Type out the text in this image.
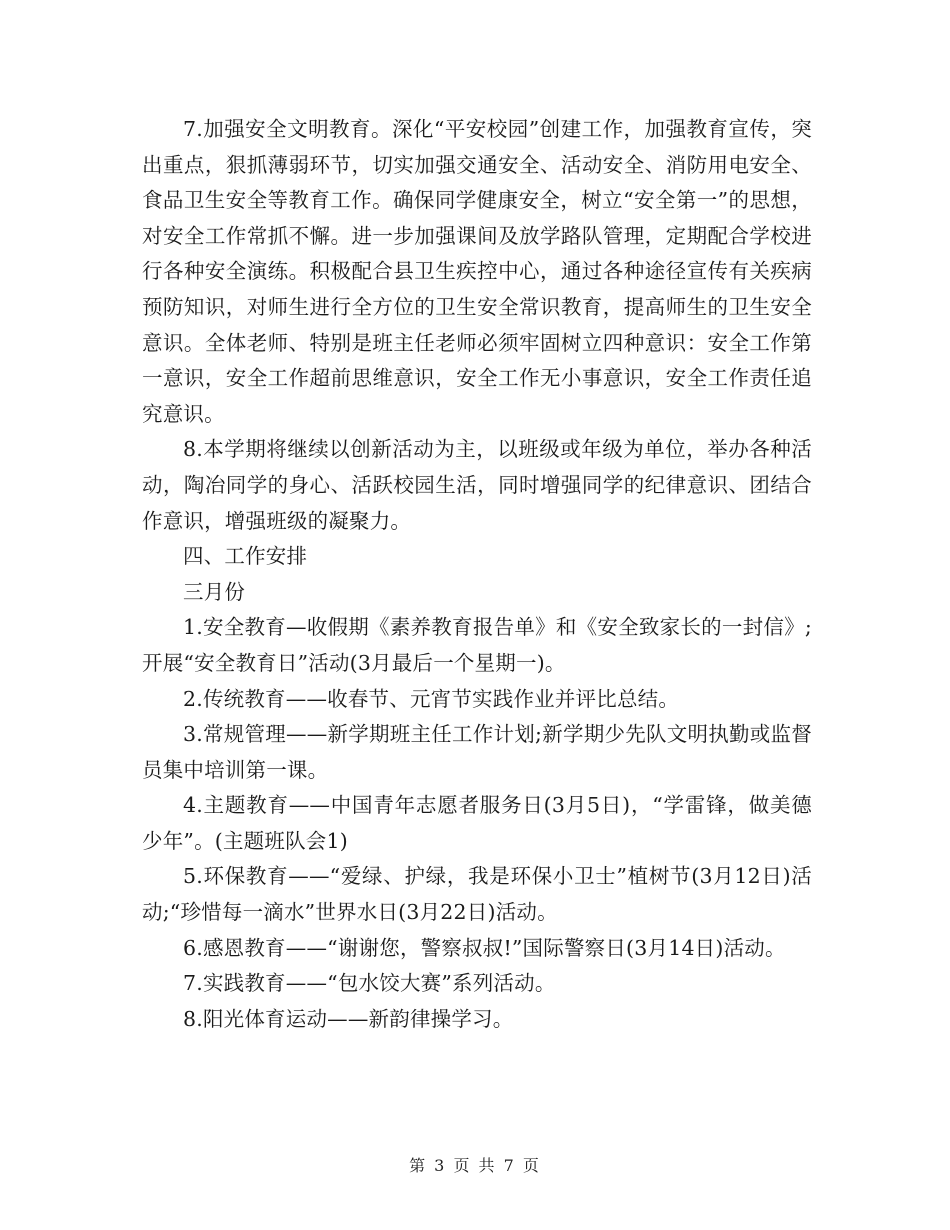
7.加强安全文明教育。深化“平安校园”创建工作，加强教育宣传，突出重点，狠抓薄弱环节，切实加强交通安全、活动安全、消防用电安全、食品卫生安全等教育工作。确保同学健康安全，树立“安全第一”的思想，对安全工作常抓不懈。进一步加强课间及放学路队管理，定期配合学校进行各种安全演练。积极配合县卫生疾控中心，通过各种途径宣传有关疾病预防知识，对师生进行全方位的卫生安全常识教育，提高师生的卫生安全意识。全体老师、特别是班主任老师必须牢固树立四种意识：安全工作第一意识，安全工作超前思维意识，安全工作无小事意识，安全工作责任追究意识。

8.本学期将继续以创新活动为主，以班级或年级为单位，举办各种活动，陶冶同学的身心、活跃校园生活，同时增强同学的纪律意识、团结合作意识，增强班级的凝聚力。

四、工作安排

三月份

1.安全教育—收假期《素养教育报告单》和《安全致家长的一封信》;开展“安全教育日”活动(3月最后一个星期一)。

2.传统教育——收春节、元宵节实践作业并评比总结。

3.常规管理——新学期班主任工作计划;新学期少先队文明执勤或监督员集中培训第一课。

4.主题教育——中国青年志愿者服务日(3月5日)，“学雷锋，做美德少年”。(主题班队会1)

5.环保教育——“爱绿、护绿，我是环保小卫士”植树节(3月12日)活动;“珍惜每一滴水”世界水日(3月22日)活动。

6.感恩教育——“谢谢您，警察叔叔!”国际警察日(3月14日)活动。

7.实践教育——“包水饺大赛”系列活动。

8.阳光体育运动——新韵律操学习。

第 3 页 共 7 页
